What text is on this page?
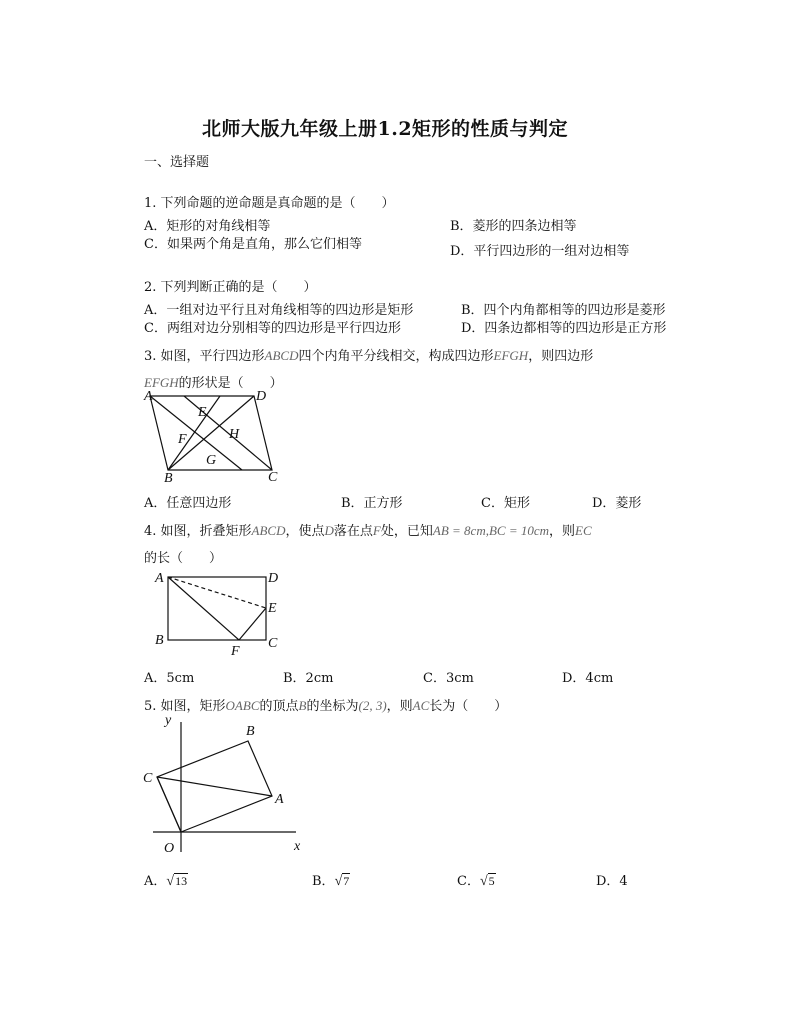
北师大版九年级上册1.2矩形的性质与判定
一、选择题
1. 下列命题的逆命题是真命题的是（　　）
A．矩形的对角线相等	B．菱形的四条边相等
C．如果两个角是直角，那么它们相等	D．平行四边形的一组对边相等
2. 下列判断正确的是（　　）
A．一组对边平行且对角线相等的四边形是矩形	B．四个内角都相等的四边形是菱形
C．两组对边分别相等的四边形是平行四边形	D．四条边都相等的四边形是正方形
3. 如图，平行四边形ABCD四个内角平分线相交，构成四边形EFGH，则四边形
EFGH的形状是（　　）
A	D
E
F	H
G
B	C
A．任意四边形	B．正方形	C．矩形	D．菱形
4. 如图，折叠矩形ABCD，使点D落在点F处，已知AB = 8cm,BC = 10cm，则EC
的长（　　）
A	D
E
B
F
C
A．5cm	B．2cm	C．3cm	D．4cm
5. 如图，矩形OABC的顶点B的坐标为(2, 3)，则AC长为（　　）
y
B
C
A
O	x
A．√13	B．√7	C．√5	D．4
